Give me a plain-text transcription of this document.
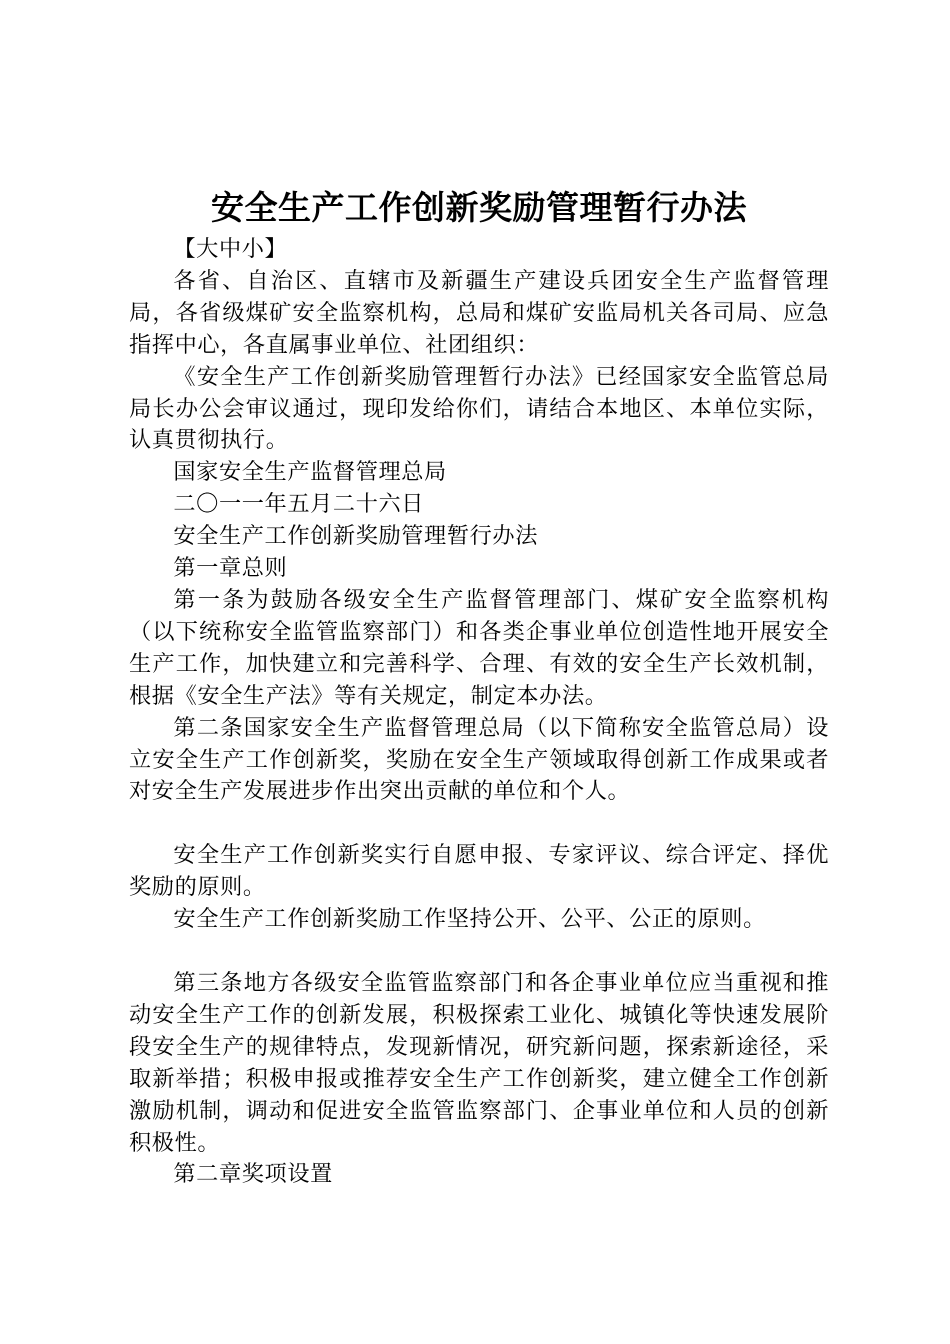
安全生产工作创新奖励管理暂行办法

【大中小】

各省、自治区、直辖市及新疆生产建设兵团安全生产监督管理局，各省级煤矿安全监察机构，总局和煤矿安监局机关各司局、应急指挥中心，各直属事业单位、社团组织：

《安全生产工作创新奖励管理暂行办法》已经国家安全监管总局局长办公会审议通过，现印发给你们，请结合本地区、本单位实际，认真贯彻执行。

国家安全生产监督管理总局

二〇一一年五月二十六日

安全生产工作创新奖励管理暂行办法

第一章总则

第一条为鼓励各级安全生产监督管理部门、煤矿安全监察机构（以下统称安全监管监察部门）和各类企事业单位创造性地开展安全生产工作，加快建立和完善科学、合理、有效的安全生产长效机制，根据《安全生产法》等有关规定，制定本办法。

第二条国家安全生产监督管理总局（以下简称安全监管总局）设立安全生产工作创新奖，奖励在安全生产领域取得创新工作成果或者对安全生产发展进步作出突出贡献的单位和个人。

安全生产工作创新奖实行自愿申报、专家评议、综合评定、择优奖励的原则。

安全生产工作创新奖励工作坚持公开、公平、公正的原则。

第三条地方各级安全监管监察部门和各企事业单位应当重视和推动安全生产工作的创新发展，积极探索工业化、城镇化等快速发展阶段安全生产的规律特点，发现新情况，研究新问题，探索新途径，采取新举措；积极申报或推荐安全生产工作创新奖，建立健全工作创新激励机制，调动和促进安全监管监察部门、企事业单位和人员的创新积极性。

第二章奖项设置
